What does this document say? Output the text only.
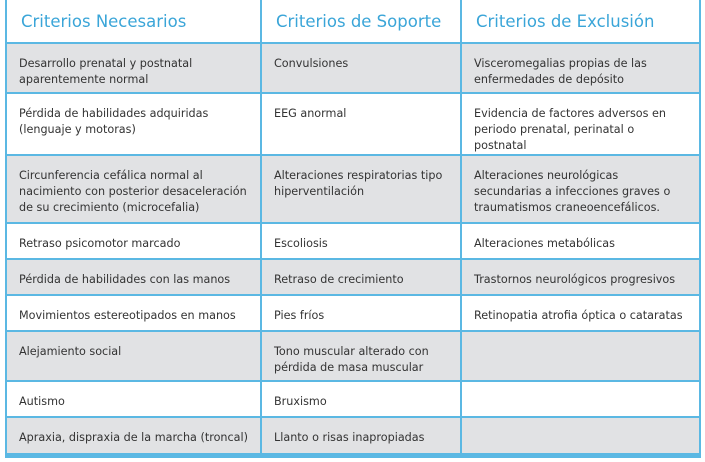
Criterios Necesarios	Criterios de Soporte	Criterios de Exclusión
Desarrollo prenatal y postnatal aparentemente normal	Convulsiones	Visceromegalias propias de las enfermedades de depósito
Pérdida de habilidades adquiridas (lenguaje y motoras)	EEG anormal	Evidencia de factores adversos en periodo prenatal, perinatal o postnatal
Circunferencia cefálica normal al nacimiento con posterior desaceleración de su crecimiento (microcefalia)	Alteraciones respiratorias tipo hiperventilación	Alteraciones neurológicas secundarias a infecciones graves o traumatismos craneoencefálicos.
Retraso psicomotor marcado	Escoliosis	Alteraciones metabólicas
Pérdida de habilidades con las manos	Retraso de crecimiento	Trastornos neurológicos progresivos
Movimientos estereotipados en manos	Pies fríos	Retinopatia atrofia óptica o cataratas
Alejamiento social	Tono muscular alterado con pérdida de masa muscular	
Autismo	Bruxismo	
Apraxia, dispraxia de la marcha (troncal)	Llanto o risas inapropiadas	
